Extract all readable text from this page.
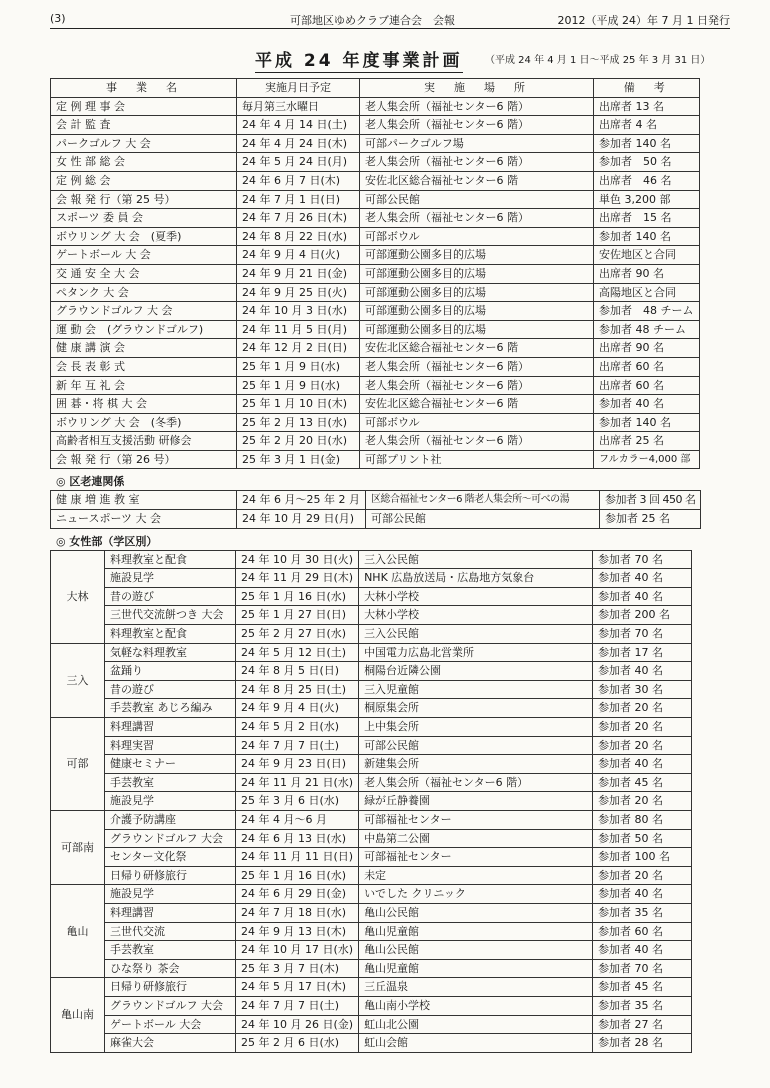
(3)	可部地区ゆめクラブ連合会　会報	2012（平成 24）年 7 月 1 日発行
平成 24 年度事業計画 （平成 24 年 4 月 1 日～平成 25 年 3 月 31 日）
事　業　名	実施月日予定	実　施　場　所	備　考
定 例 理 事 会	毎月第三水曜日	老人集会所（福祉センター6 階）	出席者 13 名
会 計 監 査	24 年 4 月 14 日(土)	老人集会所（福祉センター6 階）	出席者 4 名
パークゴルフ 大 会	24 年 4 月 24 日(木)	可部パークゴルフ場	参加者 140 名
女 性 部 総 会	24 年 5 月 24 日(月)	老人集会所（福祉センター6 階）	参加者　50 名
定 例 総 会	24 年 6 月 7 日(木)	安佐北区総合福祉センター6 階	出席者　46 名
会 報 発 行（第 25 号）	24 年 7 月 1 日(日)	可部公民館	単色 3,200 部
スポーツ 委 員 会	24 年 7 月 26 日(木)	老人集会所（福祉センター6 階）	出席者　15 名
ボウリング 大 会　(夏季)	24 年 8 月 22 日(水)	可部ボウル	参加者 140 名
ゲートボール 大 会	24 年 9 月 4 日(火)	可部運動公園多目的広場	安佐地区と合同
交 通 安 全 大 会	24 年 9 月 21 日(金)	可部運動公園多目的広場	出席者 90 名
ペタンク 大 会	24 年 9 月 25 日(火)	可部運動公園多目的広場	高陽地区と合同
グラウンドゴルフ 大 会	24 年 10 月 3 日(水)	可部運動公園多目的広場	参加者　48 チーム
運 動 会　(グラウンドゴルフ)	24 年 11 月 5 日(月)	可部運動公園多目的広場	参加者 48 チーム
健 康 講 演 会	24 年 12 月 2 日(日)	安佐北区総合福祉センター6 階	出席者 90 名
会 長 表 彰 式	25 年 1 月 9 日(水)	老人集会所（福祉センター6 階）	出席者 60 名
新 年 互 礼 会	25 年 1 月 9 日(水)	老人集会所（福祉センター6 階）	出席者 60 名
囲 碁・将 棋 大 会	25 年 1 月 10 日(木)	安佐北区総合福祉センター6 階	参加者 40 名
ボウリング 大 会　(冬季)	25 年 2 月 13 日(水)	可部ボウル	参加者 140 名
高齢者相互支援活動 研修会	25 年 2 月 20 日(水)	老人集会所（福祉センター6 階）	出席者 25 名
会 報 発 行（第 26 号）	25 年 3 月 1 日(金)	可部プリント社	フルカラー4,000 部
◎ 区老連関係
健 康 増 進 教 室	24 年 6 月～25 年 2 月	区総合福祉センター6 階老人集会所～可べの湯	参加者 3 回 450 名
ニュースポーツ 大 会	24 年 10 月 29 日(月)	可部公民館	参加者 25 名
◎ 女性部（学区別）
大林	料理教室と配食	24 年 10 月 30 日(火)	三入公民館	参加者 70 名
	施設見学	24 年 11 月 29 日(木)	NHK 広島放送局・広島地方気象台	参加者 40 名
	昔の遊び	25 年 1 月 16 日(水)	大林小学校	参加者 40 名
	三世代交流餅つき 大会	25 年 1 月 27 日(日)	大林小学校	参加者 200 名
	料理教室と配食	25 年 2 月 27 日(水)	三入公民館	参加者 70 名
三入	気軽な料理教室	24 年 5 月 12 日(土)	中国電力広島北営業所	参加者 17 名
	盆踊り	24 年 8 月 5 日(日)	桐陽台近隣公園	参加者 40 名
	昔の遊び	24 年 8 月 25 日(土)	三入児童館	参加者 30 名
	手芸教室 あじろ編み	24 年 9 月 4 日(火)	桐原集会所	参加者 20 名
可部	料理講習	24 年 5 月 2 日(水)	上中集会所	参加者 20 名
	料理実習	24 年 7 月 7 日(土)	可部公民館	参加者 20 名
	健康セミナー	24 年 9 月 23 日(日)	新建集会所	参加者 40 名
	手芸教室	24 年 11 月 21 日(水)	老人集会所（福祉センター6 階）	参加者 45 名
	施設見学	25 年 3 月 6 日(水)	緑が丘静養園	参加者 20 名
可部南	介護予防講座	24 年 4 月～6 月	可部福祉センター	参加者 80 名
	グラウンドゴルフ 大会	24 年 6 月 13 日(水)	中島第二公園	参加者 50 名
	センター文化祭	24 年 11 月 11 日(日)	可部福祉センター	参加者 100 名
	日帰り研修旅行	25 年 1 月 16 日(水)	未定	参加者 20 名
亀山	施設見学	24 年 6 月 29 日(金)	いでした クリニック	参加者 40 名
	料理講習	24 年 7 月 18 日(水)	亀山公民館	参加者 35 名
	三世代交流	24 年 9 月 13 日(木)	亀山児童館	参加者 60 名
	手芸教室	24 年 10 月 17 日(水)	亀山公民館	参加者 40 名
	ひな祭り 茶会	25 年 3 月 7 日(木)	亀山児童館	参加者 70 名
亀山南	日帰り研修旅行	24 年 5 月 17 日(木)	三丘温泉	参加者 45 名
	グラウンドゴルフ 大会	24 年 7 月 7 日(土)	亀山南小学校	参加者 35 名
	ゲートボール 大会	24 年 10 月 26 日(金)	虹山北公園	参加者 27 名
	麻雀大会	25 年 2 月 6 日(水)	虹山会館	参加者 28 名
